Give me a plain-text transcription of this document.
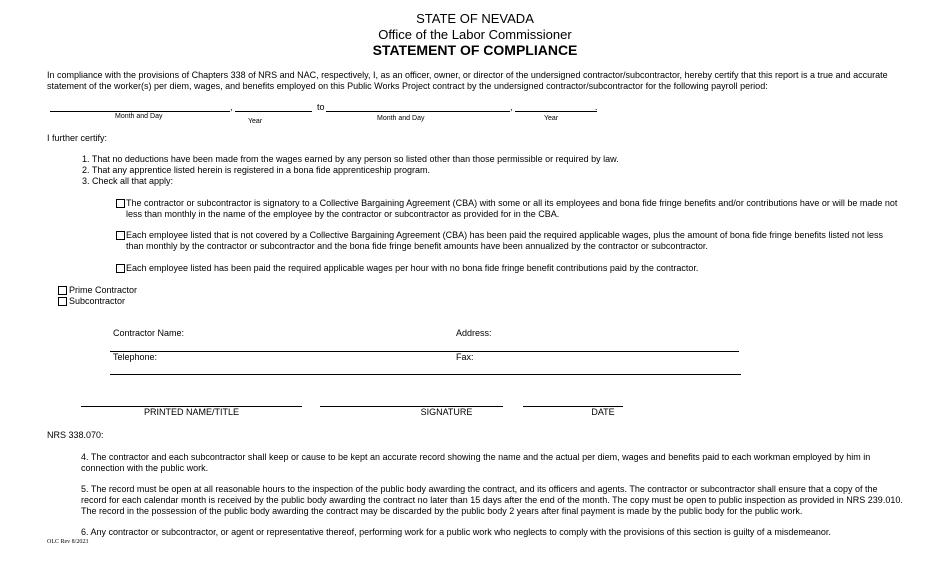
STATE OF NEVADA
Office of the Labor Commissioner
STATEMENT OF COMPLIANCE
In compliance with the provisions of Chapters 338 of NRS and NAC, respectively, I, as an officer, owner, or director of the undersigned contractor/subcontractor, hereby certify that this report is a true and accurate statement of the worker(s) per diem, wages, and benefits employed on this Public Works Project contract by the undersigned contractor/subcontractor for the following payroll period:
,	to	,	.
Month and Day
Year	Month and Day	Year
I further certify:
1. That no deductions have been made from the wages earned by any person so listed other than those permissible or required by law.
2. That any apprentice listed herein is registered in a bona fide apprenticeship program.
3. Check all that apply:
The contractor or subcontractor is signatory to a Collective Bargaining Agreement (CBA) with some or all its employees and bona fide fringe benefits and/or contributions have or will be made not less than monthly in the name of the employee by the contractor or subcontractor as provided for in the CBA.
Each employee listed that is not covered by a Collective Bargaining Agreement (CBA) has been paid the required applicable wages, plus the amount of bona fide fringe benefits listed not less than monthly by the contractor or subcontractor and the bona fide fringe benefit amounts have been annualized by the contractor or subcontractor.
Each employee listed has been paid the required applicable wages per hour with no bona fide fringe benefit contributions paid by the contractor.
Prime Contractor
Subcontractor
Contractor Name:	Address:
Telephone:	Fax:
PRINTED NAME/TITLE	SIGNATURE	DATE
NRS 338.070:
4. The contractor and each subcontractor shall keep or cause to be kept an accurate record showing the name and the actual per diem, wages and benefits paid to each workman employed by him in connection with the public work.
5. The record must be open at all reasonable hours to the inspection of the public body awarding the contract, and its officers and agents. The contractor or subcontractor shall ensure that a copy of the record for each calendar month is received by the public body awarding the contract no later than 15 days after the end of the month. The copy must be open to public inspection as provided in NRS 239.010. The record in the possession of the public body awarding the contract may be discarded by the public body 2 years after final payment is made by the public body for the public work.
6. Any contractor or subcontractor, or agent or representative thereof, performing work for a public work who neglects to comply with the provisions of this section is guilty of a misdemeanor.
OLC Rev 8/2023
